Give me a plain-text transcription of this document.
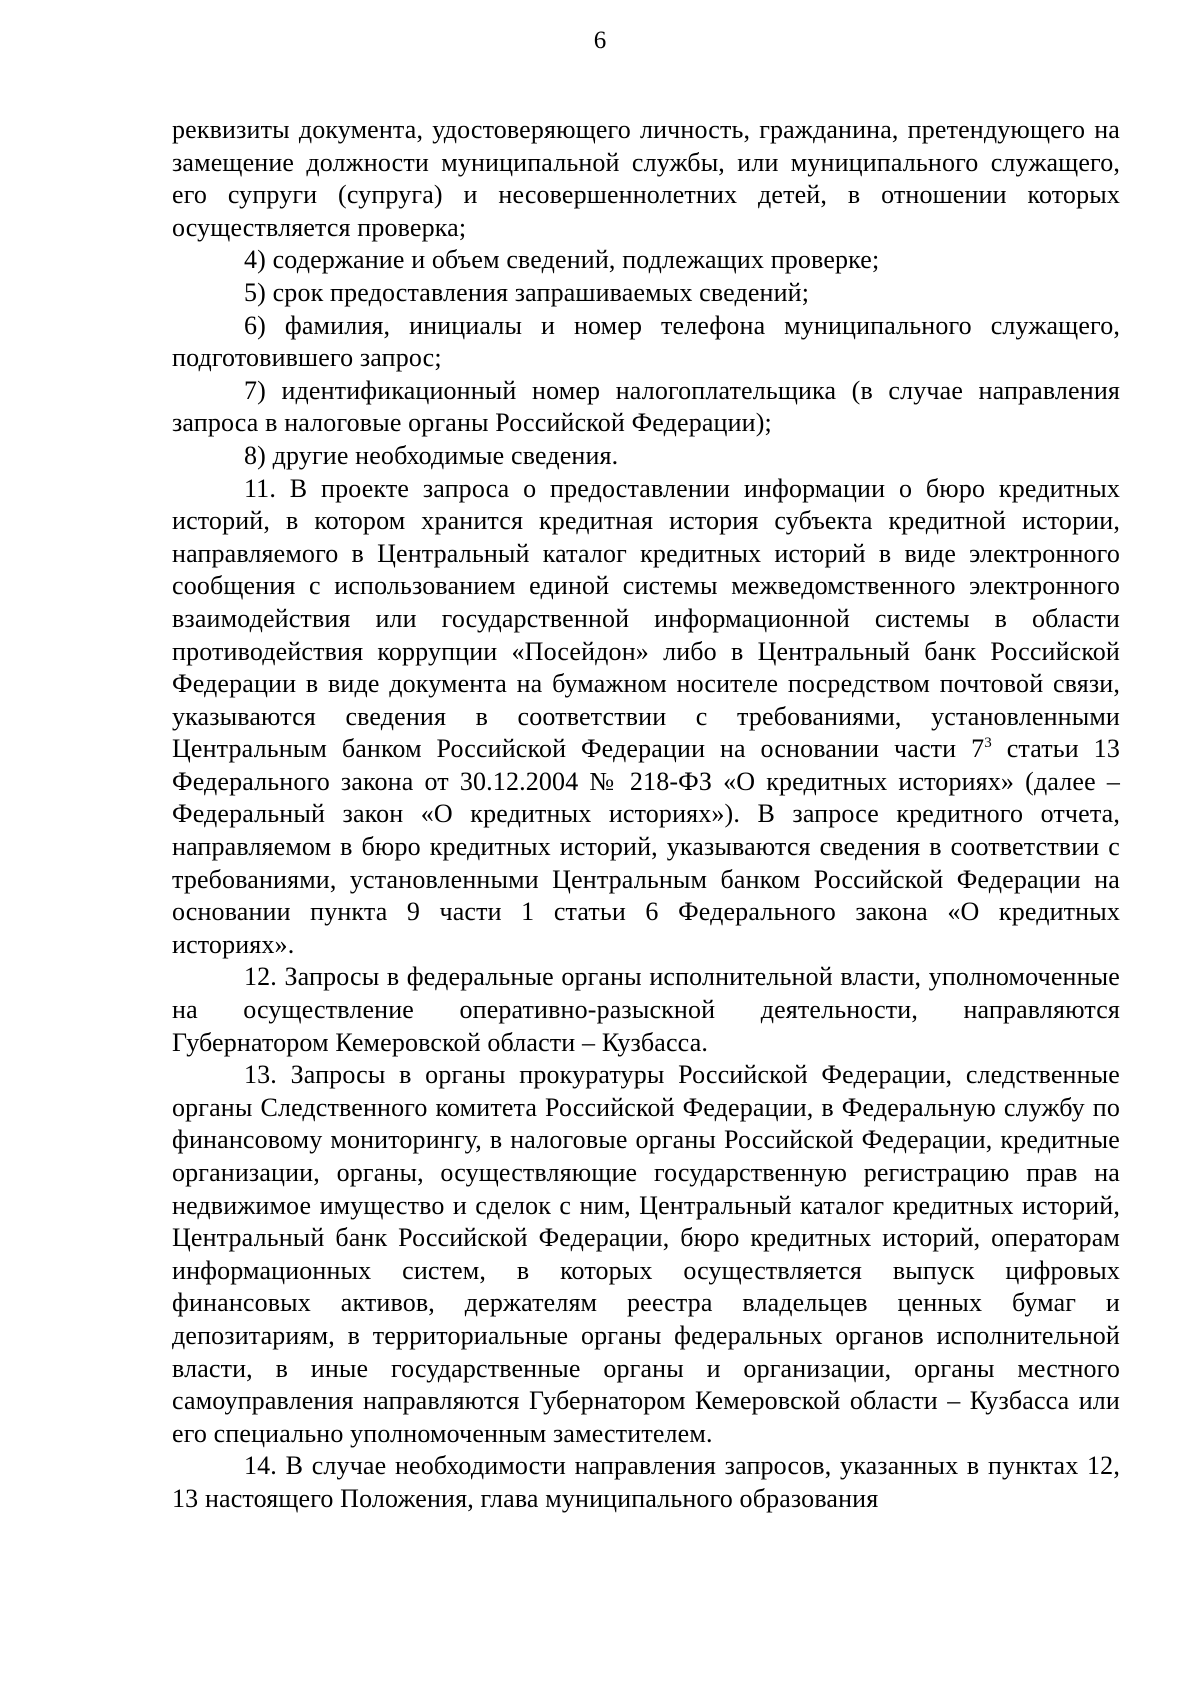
6

реквизиты документа, удостоверяющего личность, гражданина, претендующего на замещение должности муниципальной службы, или муниципального служащего, его супруги (супруга) и несовершеннолетних детей, в отношении которых осуществляется проверка;

4) содержание и объем сведений, подлежащих проверке;

5) срок предоставления запрашиваемых сведений;

6) фамилия, инициалы и номер телефона муниципального служащего, подготовившего запрос;

7) идентификационный номер налогоплательщика (в случае направления запроса в налоговые органы Российской Федерации);

8) другие необходимые сведения.

11. В проекте запроса о предоставлении информации о бюро кредитных историй, в котором хранится кредитная история субъекта кредитной истории, направляемого в Центральный каталог кредитных историй в виде электронного сообщения с использованием единой системы межведомственного электронного взаимодействия или государственной информационной системы в области противодействия коррупции «Посейдон» либо в Центральный банк Российской Федерации в виде документа на бумажном носителе посредством почтовой связи, указываются сведения в соответствии с требованиями, установленными Центральным банком Российской Федерации на основании части $7^3$ статьи 13 Федерального закона от 30.12.2004 № 218-ФЗ «О кредитных историях» (далее – Федеральный закон «О кредитных историях»). В запросе кредитного отчета, направляемом в бюро кредитных историй, указываются сведения в соответствии с требованиями, установленными Центральным банком Российской Федерации на основании пункта 9 части 1 статьи 6 Федерального закона «О кредитных историях».

12. Запросы в федеральные органы исполнительной власти, уполномоченные на осуществление оперативно-разыскной деятельности, направляются Губернатором Кемеровской области – Кузбасса.

13. Запросы в органы прокуратуры Российской Федерации, следственные органы Следственного комитета Российской Федерации, в Федеральную службу по финансовому мониторингу, в налоговые органы Российской Федерации, кредитные организации, органы, осуществляющие государственную регистрацию прав на недвижимое имущество и сделок с ним, Центральный каталог кредитных историй, Центральный банк Российской Федерации, бюро кредитных историй, операторам информационных систем, в которых осуществляется выпуск цифровых финансовых активов, держателям реестра владельцев ценных бумаг и депозитариям, в территориальные органы федеральных органов исполнительной власти, в иные государственные органы и организации, органы местного самоуправления направляются Губернатором Кемеровской области – Кузбасса или его специально уполномоченным заместителем.

14. В случае необходимости направления запросов, указанных в пунктах 12, 13 настоящего Положения, глава муниципального образования
